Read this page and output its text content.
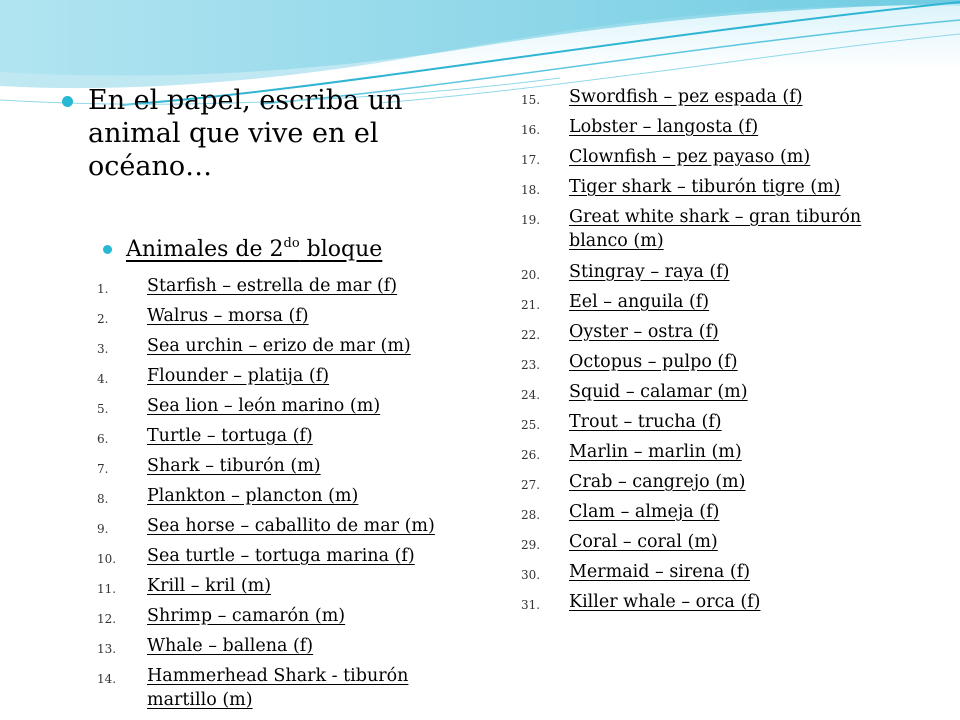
En el papel, escriba un animal que vive en el océano…
Animales de $2^{do}$ bloque
1.	Starfish – estrella de mar (f)
2.	Walrus – morsa (f)
3.	Sea urchin – erizo de mar (m)
4.	Flounder – platija (f)
5.	Sea lion – león marino (m)
6.	Turtle – tortuga (f)
7.	Shark – tiburón (m)
8.	Plankton – plancton (m)
9.	Sea horse – caballito de mar (m)
10.	Sea turtle – tortuga marina (f)
11.	Krill – kril (m)
12.	Shrimp – camarón (m)
13.	Whale – ballena (f)
14.	Hammerhead Shark - tiburón martillo (m)
15.	Swordfish – pez espada (f)
16.	Lobster – langosta (f)
17.	Clownfish – pez payaso (m)
18.	Tiger shark – tiburón tigre (m)
19.	Great white shark – gran tiburón blanco (m)
20.	Stingray – raya (f)
21.	Eel – anguila (f)
22.	Oyster – ostra (f)
23.	Octopus – pulpo (f)
24.	Squid – calamar (m)
25.	Trout – trucha (f)
26.	Marlin – marlin (m)
27.	Crab – cangrejo (m)
28.	Clam – almeja (f)
29.	Coral – coral (m)
30.	Mermaid – sirena (f)
31.	Killer whale – orca (f)
